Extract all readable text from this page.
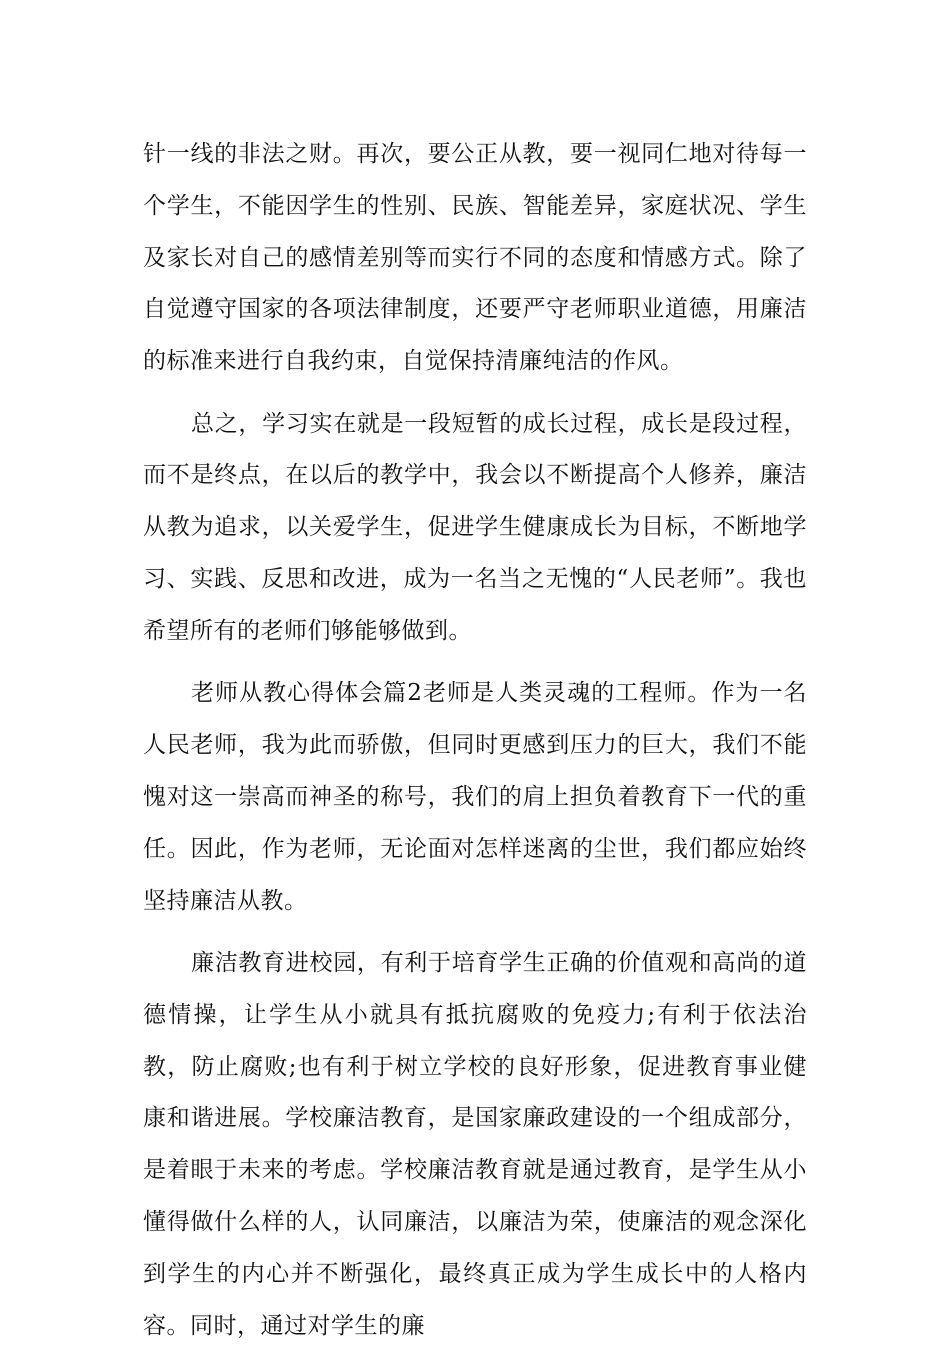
针一线的非法之财。再次，要公正从教，要一视同仁地对待每一个学生，不能因学生的性别、民族、智能差异，家庭状况、学生及家长对自己的感情差别等而实行不同的态度和情感方式。除了自觉遵守国家的各项法律制度，还要严守老师职业道德，用廉洁的标准来进行自我约束，自觉保持清廉纯洁的作风。

总之，学习实在就是一段短暂的成长过程，成长是段过程，而不是终点，在以后的教学中，我会以不断提高个人修养，廉洁从教为追求，以关爱学生，促进学生健康成长为目标，不断地学习、实践、反思和改进，成为一名当之无愧的“人民老师”。我也希望所有的老师们够能够做到。

老师从教心得体会篇2老师是人类灵魂的工程师。作为一名人民老师，我为此而骄傲，但同时更感到压力的巨大，我们不能愧对这一崇高而神圣的称号，我们的肩上担负着教育下一代的重任。因此，作为老师，无论面对怎样迷离的尘世，我们都应始终坚持廉洁从教。

廉洁教育进校园，有利于培育学生正确的价值观和高尚的道德情操，让学生从小就具有抵抗腐败的免疫力;有利于依法治教，防止腐败;也有利于树立学校的良好形象，促进教育事业健康和谐进展。学校廉洁教育，是国家廉政建设的一个组成部分，是着眼于未来的考虑。学校廉洁教育就是通过教育，是学生从小懂得做什么样的人，认同廉洁，以廉洁为荣，使廉洁的观念深化到学生的内心并不断强化，最终真正成为学生成长中的人格内容。同时，通过对学生的廉
